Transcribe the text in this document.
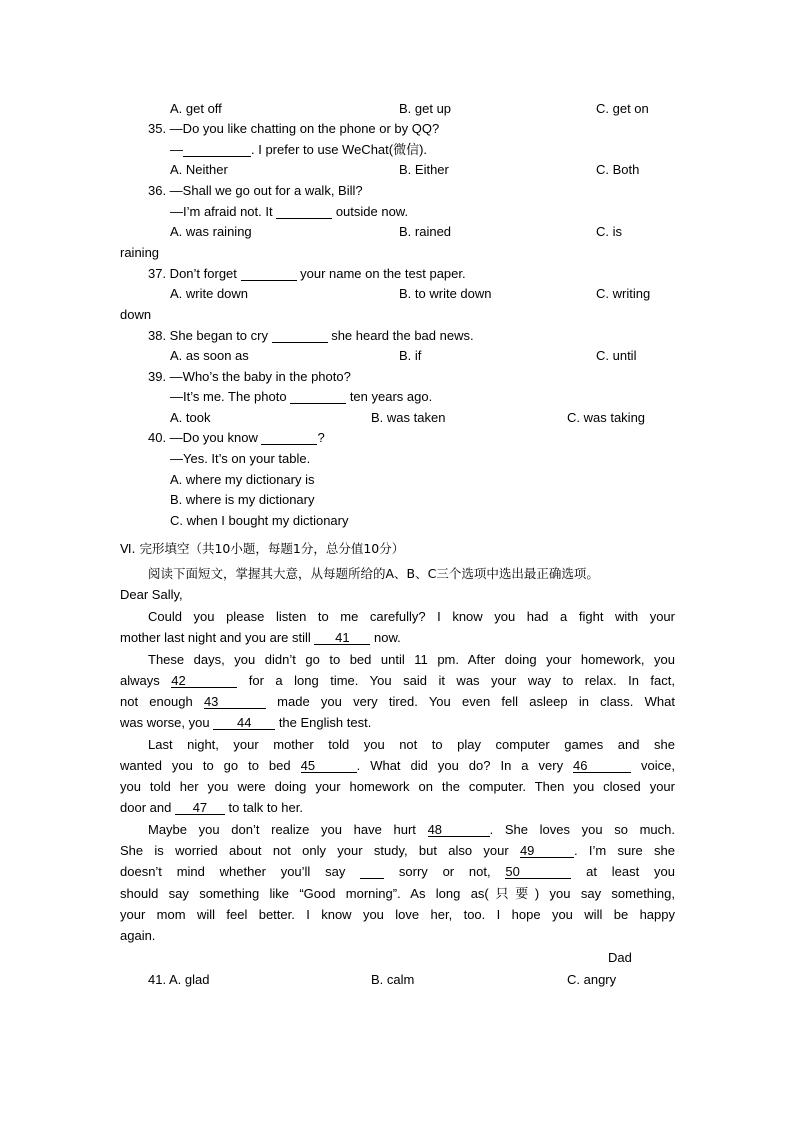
A. get off	B. get up	C. get on
35. —Do you like chatting on the phone or by QQ?
—	. I prefer to use WeChat(微信).
A. Neither	B. Either	C. Both
36. —Shall we go out for a walk, Bill?
—I’m afraid not. It	outside now.
A. was raining	B. rained	C. is
raining
37. Don’t forget	your name on the test paper.
A. write down	B. to write down	C. writing
down
38. She began to cry	she heard the bad news.
A. as soon as	B. if	C. until
39. —Who’s the baby in the photo?
—It’s me. The photo	ten years ago.
A. took	B. was taken	C. was taking
40. —Do you know	?
—Yes. It’s on your table.
A. where my dictionary is
B. where is my dictionary
C. when I bought my dictionary
Ⅵ. 完形填空（共10小题，每题1分，总分值10分）
阅读下面短文，掌握其大意，从每题所给的A、B、C三个选项中选出最正确选项。
Dear Sally,
Could you please listen to me carefully? I know you had a fight with your
mother last night and you are still 41 now.
These days, you didn’t go to bed until 11 pm. After doing your homework, you
always 42	for a long time. You said it was your way to relax. In fact,
not enough 43	made you very tired. You even fell asleep in class. What
was worse, you 44 the English test.
Last night, your mother told you not to play computer games and she
wanted you to go to bed 45	. What did you do? In a very 46	voice,
you told her you were doing your homework on the computer. Then you closed your
door and 47 to talk to her.
Maybe you don’t realize you have hurt 48	. She loves you so much.
She is worried about not only your study, but also your 49	. I’m sure she
doesn’t mind whether you’ll say   sorry or not, 50	at least you
should say something like “Good morning”. As long as(只要) you say something,
your mom will feel better. I know you love her, too. I hope you will be happy
again.
Dad
41. A. glad	B. calm	C. angry
